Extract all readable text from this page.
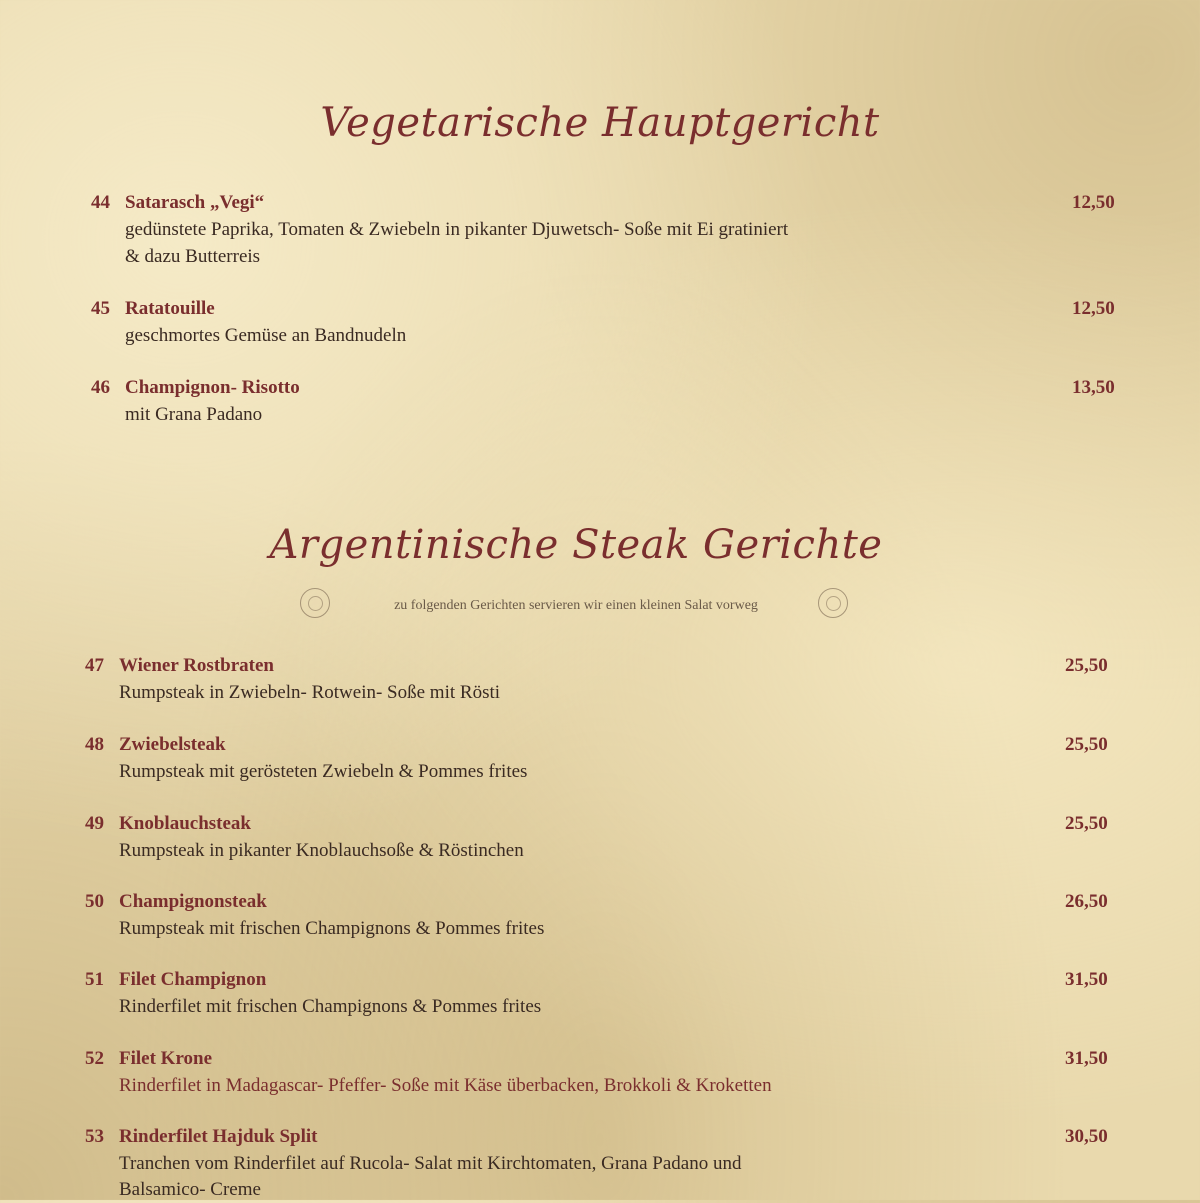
Vegetarische Hauptgericht
44 Satarasch „Vegi“	12,50
gedünstete Paprika, Tomaten & Zwiebeln in pikanter Djuwetsch- Soße mit Ei gratiniert
& dazu Butterreis
45 Ratatouille	12,50
geschmortes Gemüse an Bandnudeln
46 Champignon- Risotto	13,50
mit Grana Padano
Argentinische Steak Gerichte
zu folgenden Gerichten servieren wir einen kleinen Salat vorweg
47 Wiener Rostbraten	25,50
Rumpsteak in Zwiebeln- Rotwein- Soße mit Rösti
48 Zwiebelsteak	25,50
Rumpsteak mit gerösteten Zwiebeln & Pommes frites
49 Knoblauchsteak	25,50
Rumpsteak in pikanter Knoblauchsoße & Röstinchen
50 Champignonsteak	26,50
Rumpsteak mit frischen Champignons & Pommes frites
51 Filet Champignon	31,50
Rinderfilet mit frischen Champignons & Pommes frites
52 Filet Krone	31,50
Rinderfilet in Madagascar- Pfeffer- Soße mit Käse überbacken, Brokkoli & Kroketten
53 Rinderfilet Hajduk Split	30,50
Tranchen vom Rinderfilet auf Rucola- Salat mit Kirchtomaten, Grana Padano und
Balsamico- Creme
